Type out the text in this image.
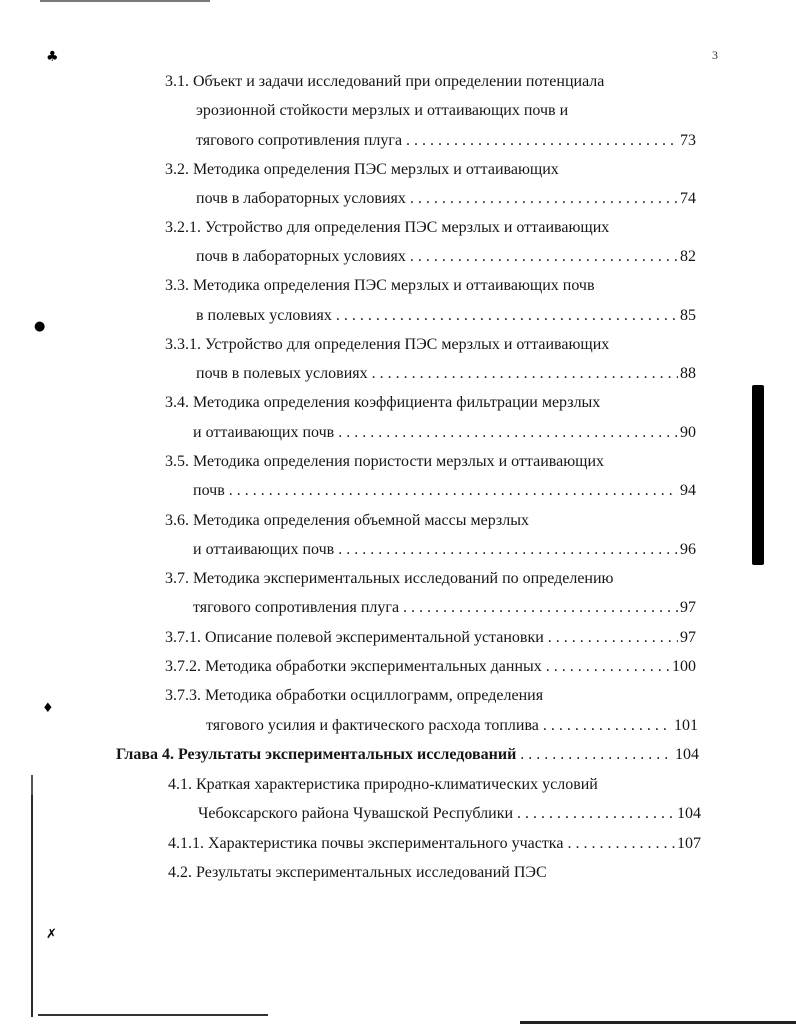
♣
●
♦
✗
3
3.1. Объект и задачи исследований при определении потенциала
эрозионной стойкости мерзлых и оттаивающих почв и
тягового сопротивления плуга . . .	73
3.2. Методика определения ПЭС мерзлых и оттаивающих
почв в лабораторных условиях . . .	74
3.2.1. Устройство для определения ПЭС мерзлых и оттаивающих
почв в лабораторных условиях . . .	82
3.3. Методика определения ПЭС мерзлых и оттаивающих почв
в полевых условиях . . .	85
3.3.1. Устройство для определения ПЭС мерзлых и оттаивающих
почв в полевых условиях . . .	88
3.4. Методика определения коэффициента фильтрации мерзлых
и оттаивающих почв . . .	90
3.5. Методика определения пористости мерзлых и оттаивающих
почв . . .	94
3.6. Методика определения объемной массы мерзлых
и оттаивающих почв . . .	96
3.7. Методика экспериментальных исследований по определению
тягового сопротивления плуга . . .	97
3.7.1. Описание полевой экспериментальной установки . . .	97
3.7.2. Методика обработки экспериментальных данных . . .	100
3.7.3. Методика обработки осциллограмм, определения
тягового усилия и фактического расхода топлива . . .	101
Глава 4. Результаты экспериментальных исследований . . .	104
4.1. Краткая характеристика природно-климатических условий
Чебоксарского района Чувашской Республики . . .	104
4.1.1. Характеристика почвы экспериментального участка . . .	107
4.2. Результаты экспериментальных исследований ПЭС
